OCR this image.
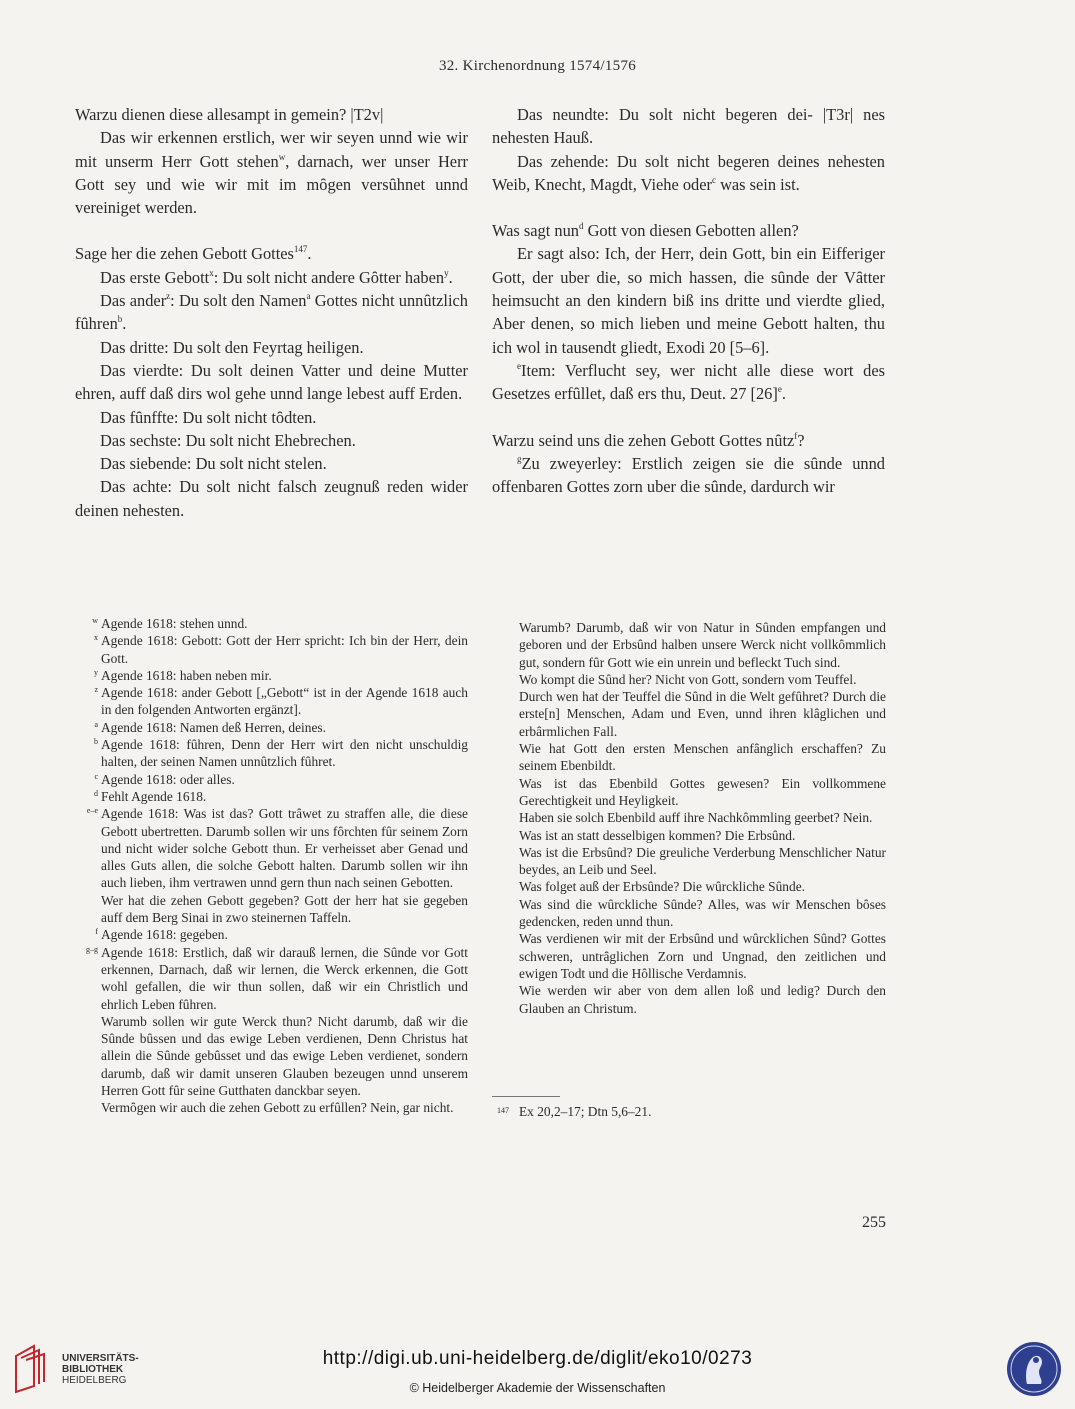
32. Kirchenordnung 1574/1576

Warzu dienen diese allesampt in gemein? |T2v|

Das wir erkennen erstlich, wer wir seyen unnd wie wir mit unserm Herr Gott stehen$^w$, darnach, wer unser Herr Gott sey und wie wir mit im mȏgen versȗhnet unnd vereiniget werden.

Sage her die zehen Gebott Gottes$^{147}$.

Das erste Gebott$^x$: Du solt nicht andere Gȏtter haben$^y$.

Das ander$^z$: Du solt den Namen$^a$ Gottes nicht unnȗtzlich fȗhren$^b$.

Das dritte: Du solt den Feyrtag heiligen.

Das vierdte: Du solt deinen Vatter und deine Mutter ehren, auff daß dirs wol gehe unnd lange lebest auff Erden.

Das fȗnffte: Du solt nicht tȏdten.

Das sechste: Du solt nicht Ehebrechen.

Das siebende: Du solt nicht stelen.

Das achte: Du solt nicht falsch zeugnuß reden wider deinen nehesten.

Das neundte: Du solt nicht begeren dei- |T3r| nes nehesten Hauß.

Das zehende: Du solt nicht begeren deines nehesten Weib, Knecht, Magdt, Viehe oder$^c$ was sein ist.

Was sagt nun$^d$ Gott von diesen Gebotten allen?

Er sagt also: Ich, der Herr, dein Gott, bin ein Eifferiger Gott, der uber die, so mich hassen, die sȗnde der Vȃtter heimsucht an den kindern biß ins dritte und vierdte glied, Aber denen, so mich lieben und meine Gebott halten, thu ich wol in tausendt gliedt, Exodi 20 [5–6].

$^e$Item: Verflucht sey, wer nicht alle diese wort des Gesetzes erfȗllet, daß ers thu, Deut. 27 $[26]^e$.

Warzu seind uns die zehen Gebott Gottes nȗtz$^f$?

$^g$Zu zweyerley: Erstlich zeigen sie die sȗnde unnd offenbaren Gottes zorn uber die sȗnde, dardurch wir

w Agende 1618: stehen unnd.
x Agende 1618: Gebott: Gott der Herr spricht: Ich bin der Herr, dein Gott.
y Agende 1618: haben neben mir.
z Agende 1618: ander Gebott [„Gebott“ ist in der Agende 1618 auch in den folgenden Antworten ergänzt].
a Agende 1618: Namen deß Herren, deines.
b Agende 1618: fȗhren, Denn der Herr wirt den nicht unschuldig halten, der seinen Namen unnȗtzlich fȗhret.
c Agende 1618: oder alles.
d Fehlt Agende 1618.
e–e Agende 1618: Was ist das? Gott trȃwet zu straffen alle, die diese Gebott ubertretten. Darumb sollen wir uns fȏrchten fȗr seinem Zorn und nicht wider solche Gebott thun. Er verheisset aber Genad und alles Guts allen, die solche Gebott halten. Darumb sollen wir ihn auch lieben, ihm vertrawen unnd gern thun nach seinen Gebotten.
Wer hat die zehen Gebott gegeben? Gott der herr hat sie gegeben auff dem Berg Sinai in zwo steinernen Taffeln.
f Agende 1618: gegeben.
g–g Agende 1618: Erstlich, daß wir darauß lernen, die Sȗnde vor Gott erkennen, Darnach, daß wir lernen, die Werck erkennen, die Gott wohl gefallen, die wir thun sollen, daß wir ein Christlich und ehrlich Leben fȗhren.
Warumb sollen wir gute Werck thun? Nicht darumb, daß wir die Sȗnde bȗssen und das ewige Leben verdienen, Denn Christus hat allein die Sȗnde gebȗsset und das ewige Leben verdienet, sondern darumb, daß wir damit unseren Glauben bezeugen unnd unserem Herren Gott fȗr seine Gutthaten danckbar seyen.
Vermȏgen wir auch die zehen Gebott zu erfȗllen? Nein, gar nicht.
Warumb? Darumb, daß wir von Natur in Sȗnden empfangen und geboren und der Erbsȗnd halben unsere Werck nicht vollkȏmmlich gut, sondern fȗr Gott wie ein unrein und befleckt Tuch sind.
Wo kompt die Sȗnd her? Nicht von Gott, sondern vom Teuffel.
Durch wen hat der Teuffel die Sȗnd in die Welt gefȗhret? Durch die erste[n] Menschen, Adam und Even, unnd ihren klȃglichen und erbȃrmlichen Fall.
Wie hat Gott den ersten Menschen anfȃnglich erschaffen? Zu seinem Ebenbildt.
Was ist das Ebenbild Gottes gewesen? Ein vollkommene Gerechtigkeit und Heyligkeit.
Haben sie solch Ebenbild auff ihre Nachkȏmmling geerbet? Nein.
Was ist an statt desselbigen kommen? Die Erbsȗnd.
Was ist die Erbsȗnd? Die greuliche Verderbung Menschlicher Natur beydes, an Leib und Seel.
Was folget auß der Erbsȗnde? Die wȗrckliche Sȗnde.
Was sind die wȗrckliche Sȗnde? Alles, was wir Menschen bȏses gedencken, reden unnd thun.
Was verdienen wir mit der Erbsȗnd und wȗrcklichen Sȗnd? Gottes schweren, untrȃglichen Zorn und Ungnad, den zeitlichen und ewigen Todt und die Hȏllische Verdamnis.
Wie werden wir aber von dem allen loß und ledig? Durch den Glauben an Christum.
147 Ex 20,2–17; Dtn 5,6–21.
255
UNIVERSITÄTS-
BIBLIOTHEK
HEIDELBERG
http://digi.ub.uni-heidelberg.de/diglit/eko10/0273
© Heidelberger Akademie der Wissenschaften
